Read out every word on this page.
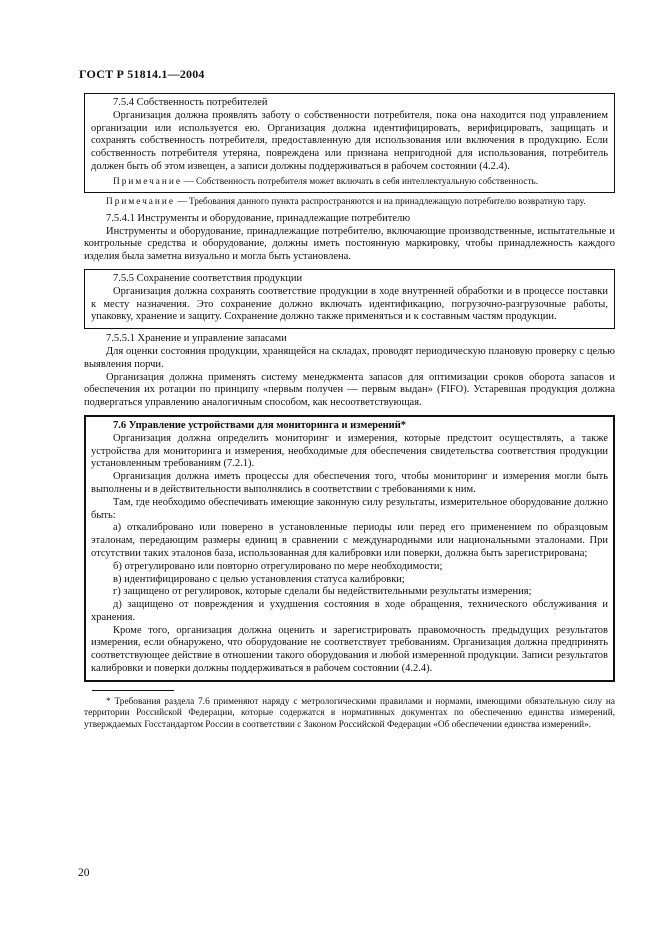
ГОСТ Р 51814.1—2004

7.5.4 Собственность потребителей

Организация должна проявлять заботу о собственности потребителя, пока она находится под управлением организации или используется ею. Организация должна идентифицировать, верифицировать, защищать и сохранять собственность потребителя, предоставленную для использования или включения в продукцию. Если собственность потребителя утеряна, повреждена или признана непригодной для использования, потребитель должен быть об этом извещен, а записи должны поддерживаться в рабочем состоянии (4.2.4).

Примечание — Собственность потребителя может включать в себя интеллектуальную собственность.

Примечание — Требования данного пункта распространяются и на принадлежащую потребителю возвратную тару.

7.5.4.1 Инструменты и оборудование, принадлежащие потребителю

Инструменты и оборудование, принадлежащие потребителю, включающие производственные, испытательные и контрольные средства и оборудование, должны иметь постоянную маркировку, чтобы принадлежность каждого изделия была заметна визуально и могла быть установлена.

7.5.5 Сохранение соответствия продукции

Организация должна сохранять соответствие продукции в ходе внутренней обработки и в процессе поставки к месту назначения. Это сохранение должно включать идентификацию, погрузочно-разгрузочные работы, упаковку, хранение и защиту. Сохранение должно также применяться и к составным частям продукции.

7.5.5.1 Хранение и управление запасами

Для оценки состояния продукции, хранящейся на складах, проводят периодическую плановую проверку с целью выявления порчи.

Организация должна применять систему менеджмента запасов для оптимизации сроков оборота запасов и обеспечения их ротации по принципу «первым получен — первым выдан» (FIFO). Устаревшая продукция должна подвергаться управлению аналогичным способом, как несоответствующая.

7.6 Управление устройствами для мониторинга и измерений*

Организация должна определить мониторинг и измерения, которые предстоит осуществлять, а также устройства для мониторинга и измерения, необходимые для обеспечения свидетельства соответствия продукции установленным требованиям (7.2.1).

Организация должна иметь процессы для обеспечения того, чтобы мониторинг и измерения могли быть выполнены и в действительности выполнялись в соответствии с требованиями к ним.

Там, где необходимо обеспечивать имеющие законную силу результаты, измерительное оборудование должно быть:

а) откалибровано или поверено в установленные периоды или перед его применением по образцовым эталонам, передающим размеры единиц в сравнении с международными или национальными эталонами. При отсутствии таких эталонов база, использованная для калибровки или поверки, должна быть зарегистрирована;

б) отрегулировано или повторно отрегулировано по мере необходимости;

в) идентифицировано с целью установления статуса калибровки;

г) защищено от регулировок, которые сделали бы недействительными результаты измерения;

д) защищено от повреждения и ухудшения состояния в ходе обращения, технического обслуживания и хранения.

Кроме того, организация должна оценить и зарегистрировать правомочность предыдущих результатов измерения, если обнаружено, что оборудование не соответствует требованиям. Организация должна предпринять соответствующее действие в отношении такого оборудования и любой измеренной продукции. Записи результатов калибровки и поверки должны поддерживаться в рабочем состоянии (4.2.4).

* Требования раздела 7.6 применяют наряду с метрологическими правилами и нормами, имеющими обязательную силу на территории Российской Федерации, которые содержатся в нормативных документах по обеспечению единства измерений, утверждаемых Госстандартом России в соответствии с Законом Российской Федерации «Об обеспечении единства измерений».

20
